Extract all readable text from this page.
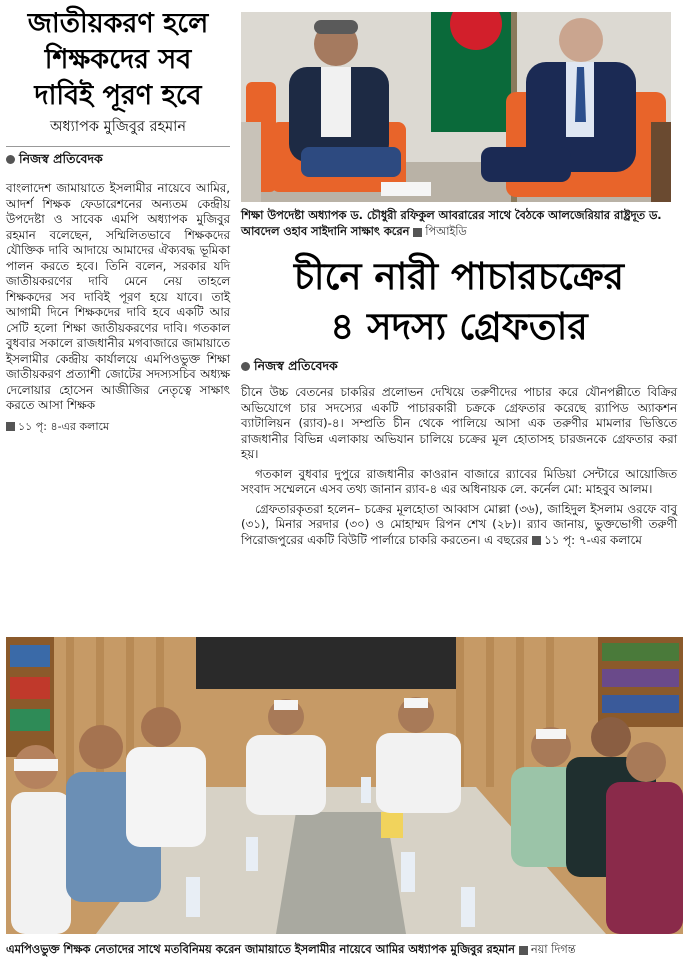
জাতীয়করণ হলে
শিক্ষকদের সব
দাবিই পূরণ হবে
অধ্যাপক মুজিবুর রহমান
নিজস্ব প্রতিবেদক
বাংলাদেশ জামায়াতে ইসলামীর নায়েবে আমির, আদর্শ শিক্ষক ফেডারেশনের অন্যতম কেন্দ্রীয় উপদেষ্টা ও সাবেক এমপি অধ্যাপক মুজিবুর রহমান বলেছেন, সম্মিলিতভাবে শিক্ষকদের যৌক্তিক দাবি আদায়ে আমাদের ঐক্যবদ্ধ ভূমিকা পালন করতে হবে। তিনি বলেন, সরকার যদি জাতীয়করণের দাবি মেনে নেয় তাহলে শিক্ষকদের সব দাবিই পূরণ হয়ে যাবে। তাই আগামী দিনে শিক্ষকদের দাবি হবে একটি আর সেটি হলো শিক্ষা জাতীয়করণের দাবি। গতকাল বুধবার সকালে রাজধানীর মগবাজারে জামায়াতে ইসলামীর কেন্দ্রীয় কার্যালয়ে এমপিওভুক্ত শিক্ষা জাতীয়করণ প্রত্যাশী জোটের সদস্যসচিব অধ্যক্ষ দেলোয়ার হোসেন আজীজির নেতৃত্বে সাক্ষাৎ করতে আসা শিক্ষক
১১ পৃ: ৪-এর কলামে
শিক্ষা উপদেষ্টা অধ্যাপক ড. চৌধুরী রফিকুল আবরারের সাথে বৈঠকে আলজেরিয়ার রাষ্ট্রদূত ড. আবদেল ওহাব সাইদানি সাক্ষাৎ করেন পিআইডি
চীনে নারী পাচারচক্রের
৪ সদস্য গ্রেফতার
নিজস্ব প্রতিবেদক

চীনে উচ্চ বেতনের চাকরির প্রলোভন দেখিয়ে তরুণীদের পাচার করে যৌনপল্লীতে বিক্রির অভিযোগে চার সদস্যের একটি পাচারকারী চক্রকে গ্রেফতার করেছে র‍্যাপিড অ্যাকশন ব্যাটালিয়ন (র‍্যাব)-৪। সম্প্রতি চীন থেকে পালিয়ে আসা এক তরুণীর মামলার ভিত্তিতে রাজধানীর বিভিন্ন এলাকায় অভিযান চালিয়ে চক্রের মূল হোতাসহ চারজনকে গ্রেফতার করা হয়।

গতকাল বুধবার দুপুরে রাজধানীর কাওরান বাজারে র‍্যাবের মিডিয়া সেন্টারে আয়োজিত সংবাদ সম্মেলনে এসব তথ্য জানান র‍্যাব-৪ এর অধিনায়ক লে. কর্নেল মো: মাহবুব আলম।

গ্রেফতারকৃতরা হলেন– চক্রের মূলহোতা আব্বাস মোল্লা (৩৬), জাহিদুল ইসলাম ওরফে বাবু (৩১), মিনার সরদার (৩০) ও মোহাম্মদ রিপন শেখ (২৮)। র‍্যাব জানায়, ভুক্তভোগী তরুণী পিরোজপুরের একটি বিউটি পার্লারে চাকরি করতেন। এ বছরের ১১ পৃ: ৭-এর কলামে

এমপিওভুক্ত শিক্ষক নেতাদের সাথে মতবিনিময় করেন জামায়াতে ইসলামীর নায়েবে আমির অধ্যাপক মুজিবুর রহমান নয়া দিগন্ত
